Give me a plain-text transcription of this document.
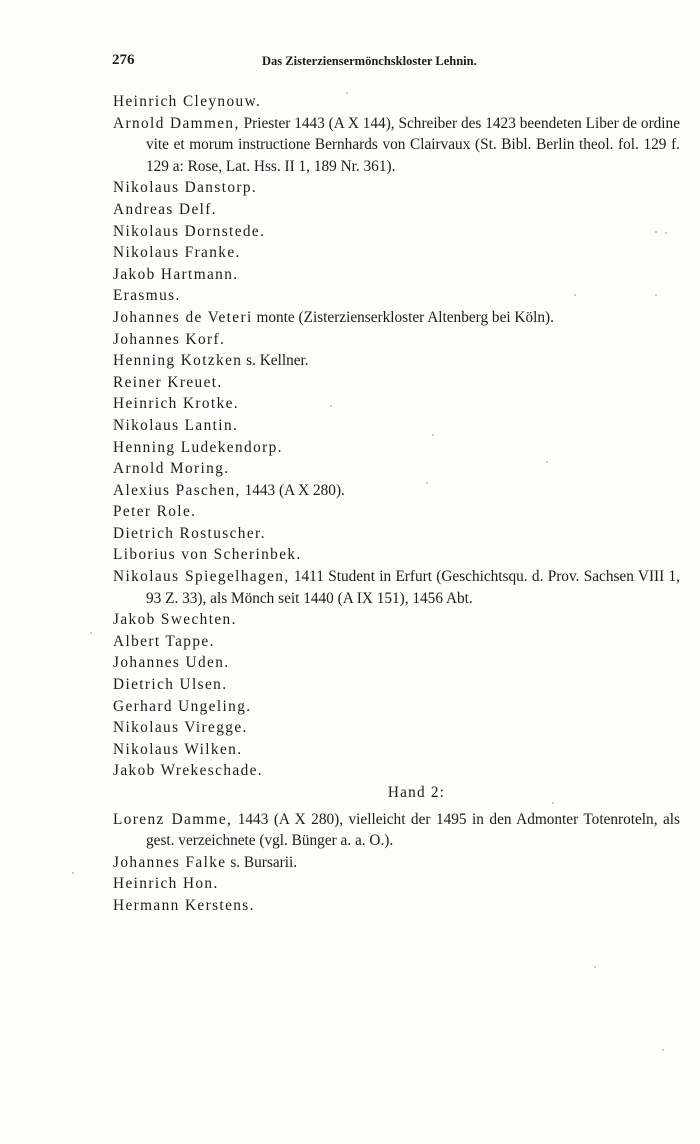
276	Das Zisterziensermönchskloster Lehnin.

Heinrich Cleynouw.

Arnold Dammen, Priester 1443 (A X 144), Schreiber des 1423 beendeten Liber de ordine vite et morum instructione Bernhards von Clairvaux (St. Bibl. Berlin theol. fol. 129 f. 129 a: Rose, Lat. Hss. II 1, 189 Nr. 361).

Nikolaus Danstorp.

Andreas Delf.

Nikolaus Dornstede.

Nikolaus Franke.

Jakob Hartmann.

Erasmus.

Johannes de Veteri monte (Zisterzienserkloster Altenberg bei Köln).

Johannes Korf.

Henning Kotzken s. Kellner.

Reiner Kreuet.

Heinrich Krotke.

Nikolaus Lantin.

Henning Ludekendorp.

Arnold Moring.

Alexius Paschen, 1443 (A X 280).

Peter Role.

Dietrich Rostuscher.

Liborius von Scherinbek.

Nikolaus Spiegelhagen, 1411 Student in Erfurt (Geschichtsqu. d. Prov. Sachsen VIII 1, 93 Z. 33), als Mönch seit 1440 (A IX 151), 1456 Abt.

Jakob Swechten.

Albert Tappe.

Johannes Uden.

Dietrich Ulsen.

Gerhard Ungeling.

Nikolaus Viregge.

Nikolaus Wilken.

Jakob Wrekeschade.

Hand 2:

Lorenz Damme, 1443 (A X 280), vielleicht der 1495 in den Admonter Totenroteln, als gest. verzeichnete (vgl. Bünger a. a. O.).

Johannes Falke s. Bursarii.

Heinrich Hon.

Hermann Kerstens.
